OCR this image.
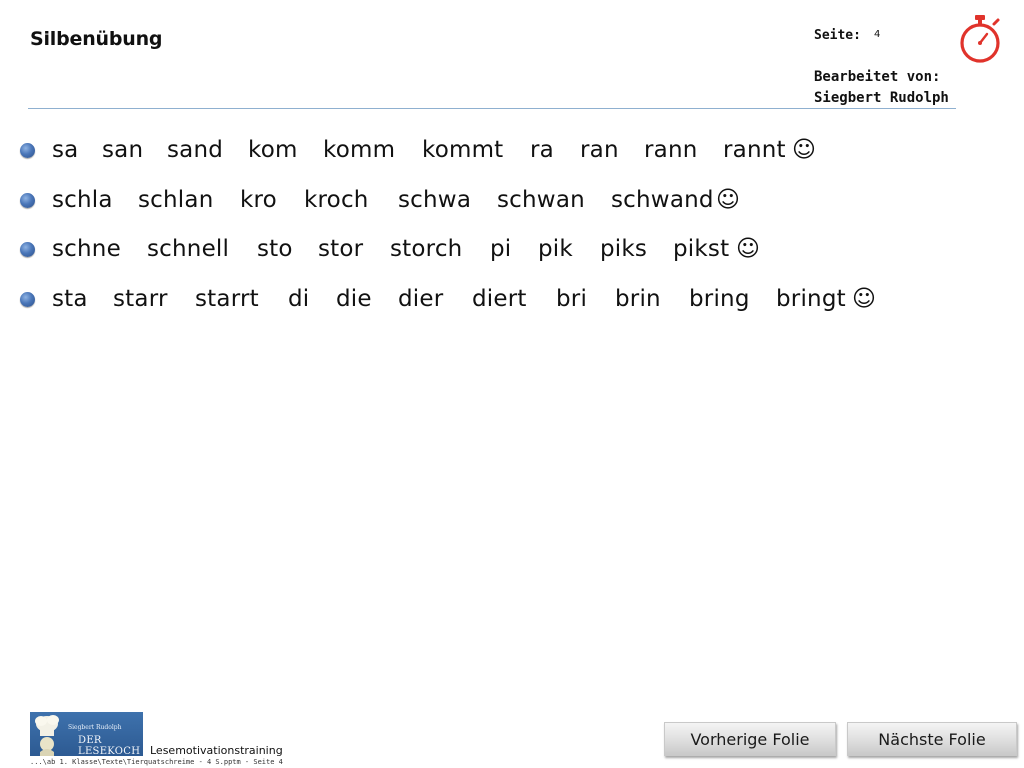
Silbenübung	Seite: 4
Bearbeitet von:
Siegbert Rudolph
sa san sand kom komm kommt ra ran rann rannt ☺
schla schlan kro kroch schwa schwan schwand ☺
schne schnell sto stor storch pi pik piks pikst ☺
sta starr starrt di die dier diert bri brin bring bringt ☺
Siegbert Rudolph
DER LESEKOCH Lesemotivationstraining
...\ab 1. Klasse\Texte\Tierquatschreime - 4 S.pptm - Seite 4
Vorherige Folie	Nächste Folie
